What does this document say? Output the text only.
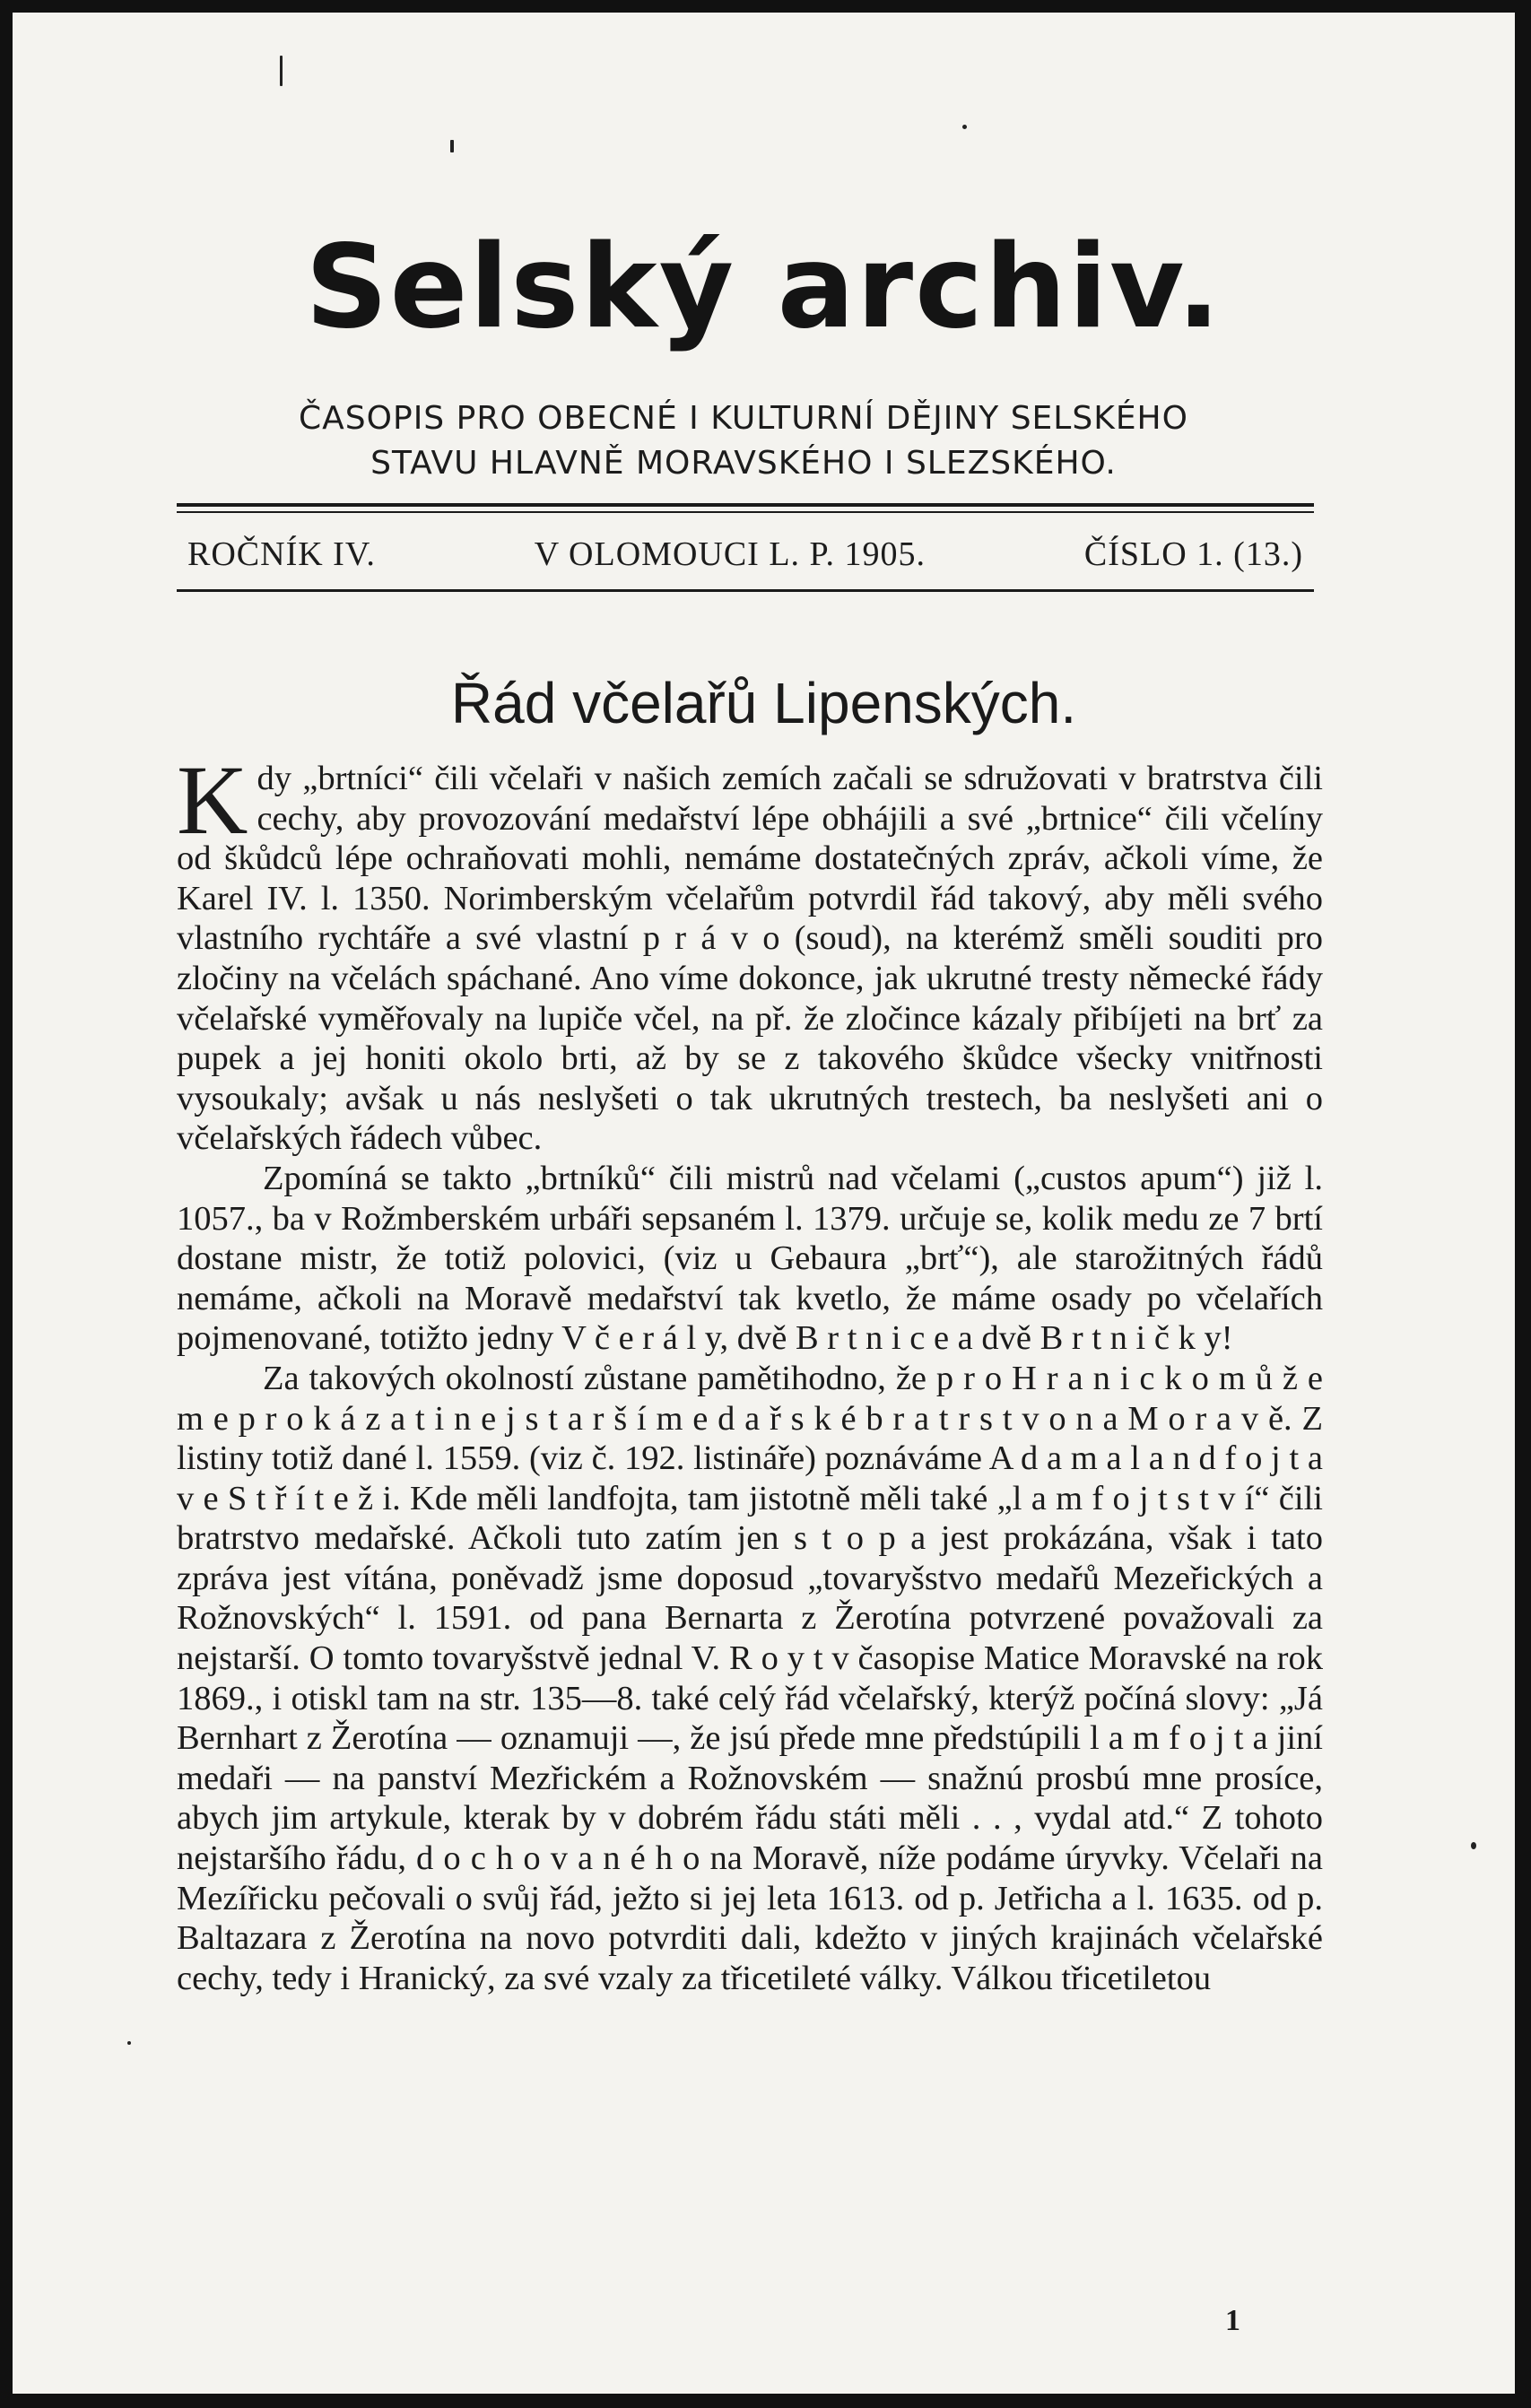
Selský archiv.
ČASOPIS PRO OBECNÉ I KULTURNÍ DĚJINY SELSKÉHO
STAVU HLAVNĚ MORAVSKÉHO I SLEZSKÉHO.
ROČNÍK IV.	V OLOMOUCI L. P. 1905.	ČÍSLO 1. (13.)
Řád včelařů Lipenských.

Kdy „brtníci“ čili včelaři v našich zemích začali se sdružovati v bratrstva čili cechy, aby provozování medařství lépe obhájili a své „brtnice“ čili včelíny od škůdců lépe ochraňovati mohli, nemáme dostatečných zpráv, ačkoli víme, že Karel IV. l. 1350. Norimberským včelařům potvrdil řád takový, aby měli svého vlastního rychtáře a své vlastní p r á v o (soud), na kterémž směli souditi pro zločiny na včelách spáchané. Ano víme dokonce, jak ukrutné tresty německé řády včelařské vyměřovaly na lupiče včel, na př. že zločince kázaly přibíjeti na brť za pupek a jej honiti okolo brti, až by se z takového škůdce všecky vnitřnosti vysoukaly; avšak u nás neslyšeti o tak ukrutných trestech, ba neslyšeti ani o včelařských řádech vůbec.

Zpomíná se takto „brtníků“ čili mistrů nad včelami („custos apum“) již l. 1057., ba v Rožmberském urbáři sepsaném l. 1379. určuje se, kolik medu ze 7 brtí dostane mistr, že totiž polovici, (viz u Gebaura „brť“), ale starožitných řádů nemáme, ačkoli na Moravě medařství tak kvetlo, že máme osady po včelařích pojmenované, totižto jedny V č e r á l y, dvě B r t n i c e a dvě B r t n i č k y!

Za takových okolností zůstane pamětihodno, že p r o H r a n i c k o m ů ž e m e p r o k á z a t i n e j s t a r š í m e d a ř s k é b r a t r s t v o n a M o r a v ě. Z listiny totiž dané l. 1559. (viz č. 192. listináře) poznáváme A d a m a l a n d f o j t a v e S t ř í t e ž i. Kde měli landfojta, tam jistotně měli také „l a m f o j t s t v í“ čili bratrstvo medařské. Ačkoli tuto zatím jen s t o p a jest prokázána, však i tato zpráva jest vítána, poněvadž jsme doposud „tovaryšstvo medařů Mezeřických a Rožnovských“ l. 1591. od pana Bernarta z Žerotína potvrzené považovali za nejstarší. O tomto tovaryšstvě jednal V. R o y t v časopise Matice Moravské na rok 1869., i otiskl tam na str. 135—8. také celý řád včelařský, kterýž počíná slovy: „Já Bernhart z Žerotína — oznamuji —, že jsú přede mne předstúpili l a m f o j t a jiní medaři — na panství Mezřickém a Rožnovském — snažnú prosbú mne prosíce, abych jim artykule, kterak by v dobrém řádu státi měli . . , vydal atd.“ Z tohoto nejstaršího řádu, d o c h o v a n é h o na Moravě, níže podáme úryvky. Včelaři na Mezířicku pečovali o svůj řád, ježto si jej leta 1613. od p. Jetřicha a l. 1635. od p. Baltazara z Žerotína na novo potvrditi dali, kdežto v jiných krajinách včelařské cechy, tedy i Hranický, za své vzaly za třicetileté války. Válkou třicetiletou

1
